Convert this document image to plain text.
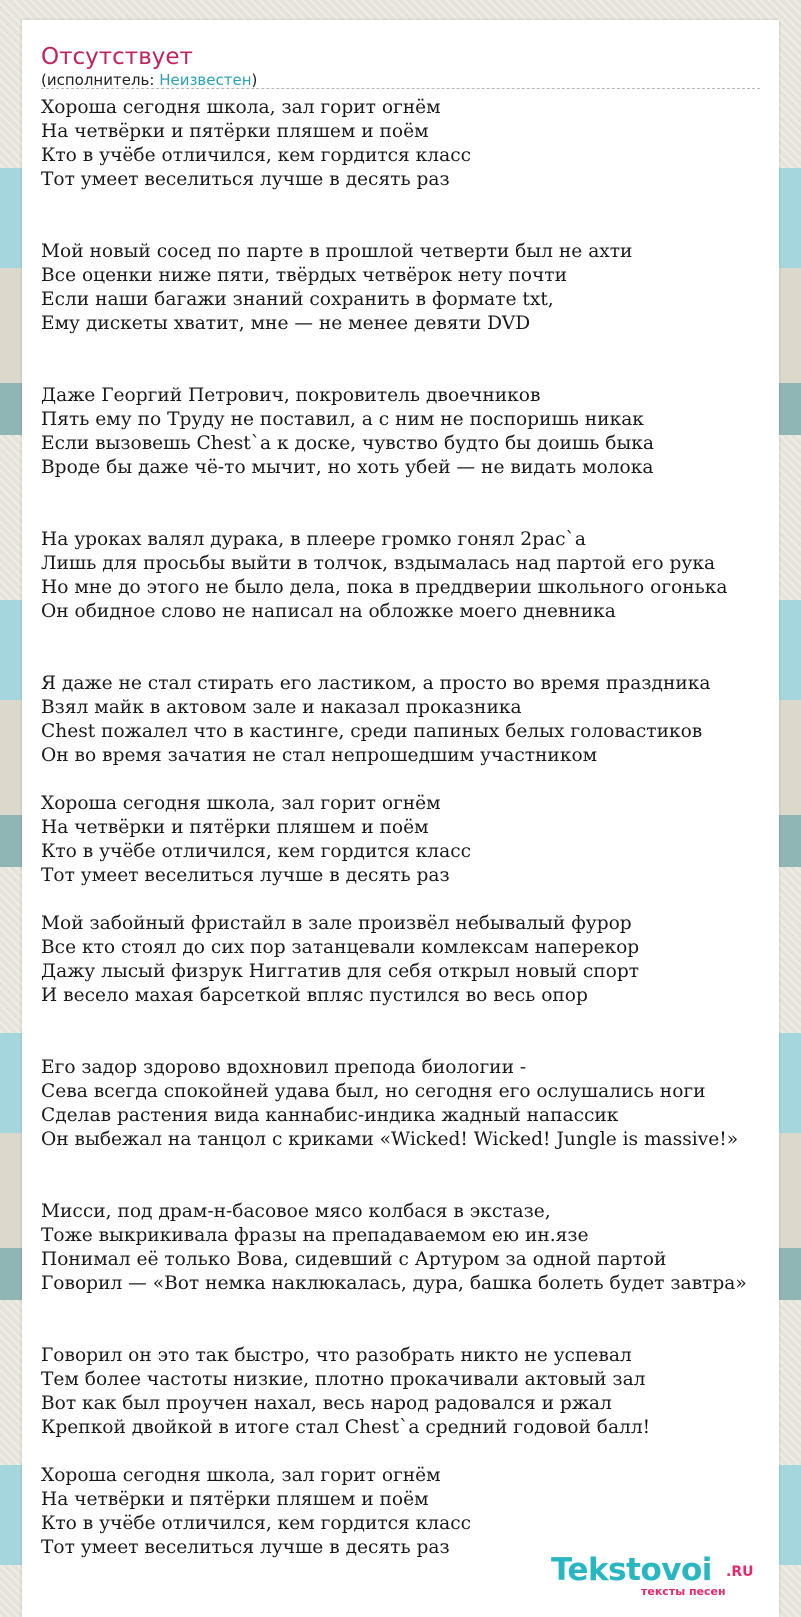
Отсутствует
(исполнитель: Неизвестен)
Хороша сегодня школа, зал горит огнём
На четвёрки и пятёрки пляшем и поём
Кто в учёбе отличился, кем гордится класс
Тот умеет веселиться лучше в десять раз
Мой новый сосед по парте в прошлой четверти был не ахти
Все оценки ниже пяти, твёрдых четвёрок нету почти
Если наши багажи знаний сохранить в формате txt,
Ему дискеты хватит, мне — не менее девяти DVD
Даже Георгий Петрович, покровитель двоечников
Пять ему по Труду не поставил, а с ним не поспоришь никак
Если вызовешь Chest`а к доске, чувство будто бы доишь быка
Вроде бы даже чё-то мычит, но хоть убей — не видать молока
На уроках валял дурака, в плеере громко гонял 2рас`а
Лишь для просьбы выйти в толчок, вздымалась над партой его рука
Но мне до этого не было дела, пока в преддверии школьного огонька
Он обидное слово не написал на обложке моего дневника
Я даже не стал стирать его ластиком, а просто во время праздника
Взял майк в актовом зале и наказал проказника
Chest пожалел что в кастинге, среди папиных белых головастиков
Он во время зачатия не стал непрошедшим участником
Хороша сегодня школа, зал горит огнём
На четвёрки и пятёрки пляшем и поём
Кто в учёбе отличился, кем гордится класс
Тот умеет веселиться лучше в десять раз
Мой забойный фристайл в зале произвёл небывалый фурор
Все кто стоял до сих пор затанцевали комлексам наперекор
Дажу лысый физрук Ниггатив для себя открыл новый спорт
И весело махая барсеткой впляс пустился во весь опор
Его задор здорово вдохновил препода биологии -
Сева всегда спокойней удава был, но сегодня его ослушались ноги
Сделав растения вида каннабис-индика жадный напассик
Он выбежал на танцол с криками «Wicked! Wicked! Jungle is massive!»
Мисси, под драм-н-басовое мясо колбася в экстазе,
Тоже выкрикивала фразы на препадаваемом ею ин.язе
Понимал её только Вова, сидевший с Артуром за одной партой
Говорил — «Вот немка наклюкалась, дура, башка болеть будет завтра»
Говорил он это так быстро, что разобрать никто не успевал
Тем более частоты низкие, плотно прокачивали актовый зал
Вот как был проучен нахал, весь народ радовался и ржал
Крепкой двойкой в итоге стал Chest`а средний годовой балл!
Хороша сегодня школа, зал горит огнём
На четвёрки и пятёрки пляшем и поём
Кто в учёбе отличился, кем гордится класс
Тот умеет веселиться лучше в десять раз
Tekstovoi .RU
тексты песен
